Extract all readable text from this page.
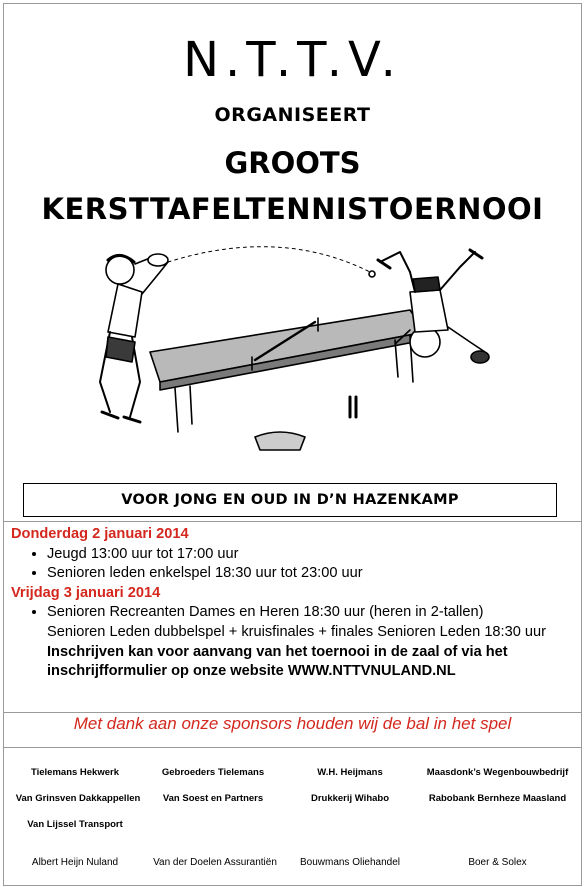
N.T.T.V.
ORGANISEERT
GROOTS
KERSTTAFELTENNISTOERNOOI
VOOR JONG EN OUD IN D’N HAZENKAMP
Donderdag 2 januari 2014
• Jeugd 13:00 uur tot 17:00 uur
• Senioren leden enkelspel 18:30 uur tot 23:00 uur
Vrijdag 3 januari 2014
• Senioren Recreanten Dames en Heren 18:30 uur (heren in 2-tallen)
Senioren Leden dubbelspel + kruisfinales + finales Senioren Leden 18:30 uur
Inschrijven kan voor aanvang van het toernooi in de zaal of via het
inschrijfformulier op onze website WWW.NTTVNULAND.NL
Met dank aan onze sponsors houden wij de bal in het spel
Tielemans Hekwerk	Gebroeders Tielemans	W.H. Heijmans	Maasdonk’s Wegenbouwbedrijf
Van Grinsven Dakkappellen	Van Soest en Partners	Drukkerij Wihabo	Rabobank Bernheze Maasland
Van Lijssel Transport
Albert Heijn Nuland	Van der Doelen Assurantiën	Bouwmans Oliehandel	Boer & Solex
